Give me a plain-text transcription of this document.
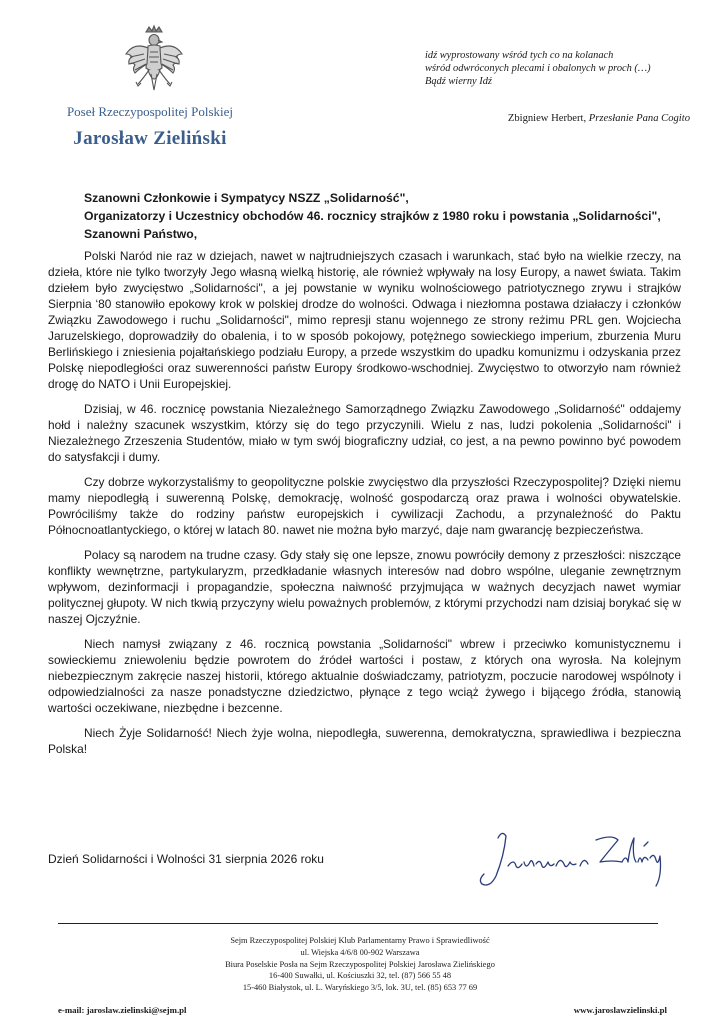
Poseł Rzeczypospolitej Polskiej
Jarosław Zieliński
idź wyprostowany wśród tych co na kolanach
wśród odwróconych plecami i obalonych w proch (…)
Bądź wierny Idź
Zbigniew Herbert, Przesłanie Pana Cogito
Szanowni Członkowie i Sympatycy NSZZ „Solidarność",
Organizatorzy i Uczestnicy obchodów 46. rocznicy strajków z 1980 roku i powstania „Solidarności",
Szanowni Państwo,

Polski Naród nie raz w dziejach, nawet w najtrudniejszych czasach i warunkach, stać było na wielkie rzeczy, na dzieła, które nie tylko tworzyły Jego własną wielką historię, ale również wpływały na losy Europy, a nawet świata. Takim dziełem było zwycięstwo „Solidarności", a jej powstanie w wyniku wolnościowego patriotycznego zrywu i strajków Sierpnia ‘80 stanowiło epokowy krok w polskiej drodze do wolności. Odwaga i niezłomna postawa działaczy i członków Związku Zawodowego i ruchu „Solidarności", mimo represji stanu wojennego ze strony reżimu PRL gen. Wojciecha Jaruzelskiego, doprowadziły do obalenia, i to w sposób pokojowy, potężnego sowieckiego imperium, zburzenia Muru Berlińskiego i zniesienia pojałtańskiego podziału Europy, a przede wszystkim do upadku komunizmu i odzyskania przez Polskę niepodległości oraz suwerenności państw Europy środkowo-wschodniej. Zwycięstwo to otworzyło nam również drogę do NATO i Unii Europejskiej.

Dzisiaj, w 46. rocznicę powstania Niezależnego Samorządnego Związku Zawodowego „Solidarność" oddajemy hołd i należny szacunek wszystkim, którzy się do tego przyczynili. Wielu z nas, ludzi pokolenia „Solidarności" i Niezależnego Zrzeszenia Studentów, miało w tym swój biograficzny udział, co jest, a na pewno powinno być powodem do satysfakcji i dumy.

Czy dobrze wykorzystaliśmy to geopolityczne polskie zwycięstwo dla przyszłości Rzeczypospolitej? Dzięki niemu mamy niepodległą i suwerenną Polskę, demokrację, wolność gospodarczą oraz prawa i wolności obywatelskie. Powróciliśmy także do rodziny państw europejskich i cywilizacji Zachodu, a przynależność do Paktu Północnoatlantyckiego, o której w latach 80. nawet nie można było marzyć, daje nam gwarancję bezpieczeństwa.

Polacy są narodem na trudne czasy. Gdy stały się one lepsze, znowu powróciły demony z przeszłości: niszczące konflikty wewnętrzne, partykularyzm, przedkładanie własnych interesów nad dobro wspólne, uleganie zewnętrznym wpływom, dezinformacji i propagandzie, społeczna naiwność przyjmująca w ważnych decyzjach nawet wymiar politycznej głupoty. W nich tkwią przyczyny wielu poważnych problemów, z którymi przychodzi nam dzisiaj borykać się w naszej Ojczyźnie.

Niech namysł związany z 46. rocznicą powstania „Solidarności" wbrew i przeciwko komunistycznemu i sowieckiemu zniewoleniu będzie powrotem do źródeł wartości i postaw, z których ona wyrosła. Na kolejnym niebezpiecznym zakręcie naszej historii, którego aktualnie doświadczamy, patriotyzm, poczucie narodowej wspólnoty i odpowiedzialności za nasze ponadstyczne dziedzictwo, płynące z tego wciąż żywego i bijącego źródła, stanowią wartości oczekiwane, niezbędne i bezcenne.

Niech Żyje Solidarność! Niech żyje wolna, niepodległa, suwerenna, demokratyczna, sprawiedliwa i bezpieczna Polska!

Dzień Solidarności i Wolności 31 sierpnia 2026 roku
Sejm Rzeczypospolitej Polskiej Klub Parlamentarny Prawo i Sprawiedliwość
ul. Wiejska 4/6/8 00-902 Warszawa
Biura Poselskie Posła na Sejm Rzeczypospolitej Polskiej Jarosława Zielińskiego
16-400 Suwałki, ul. Kościuszki 32, tel. (87) 566 55 48
15-460 Białystok, ul. L. Waryńskiego 3/5, lok. 3U, tel. (85) 653 77 69
e-mail: jaroslaw.zielinski@sejm.pl	www.jaroslawzielinski.pl
